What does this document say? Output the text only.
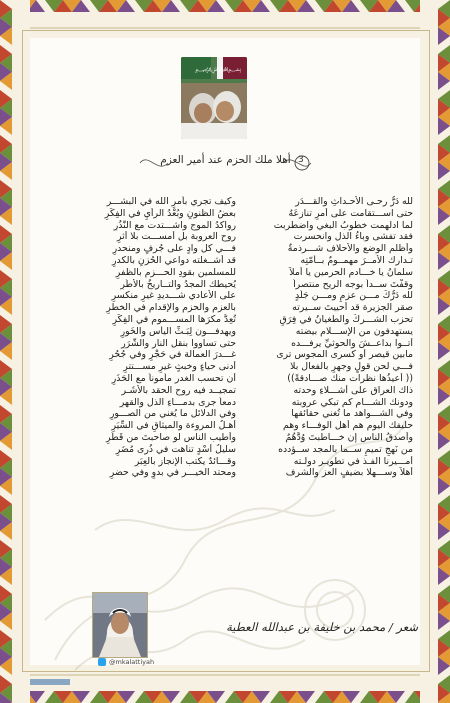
﷽
3
أهلا ملك الحزم عند أمير العزم
لله دَرُّ رحـى الأحـداثِ والقـــدَر
حتى اســـتقامت على أمرٍ تنازعَهُ
لما ادلهمت خطوبُ البغي واضطربت
فقد تفشى وباءُ الذل وانحسرت
وأظلم الوضع والأحلاف شـــرذمةٌ
تـدارك الأمــرَ مهمــومٌ بــأمّتِه
سلمانُ يا خـــادم الحرمين يا أملاً
وقفْتَ ســداً بوجه الريح منتصراً
لله دَرُّكَ مـــن عزمٍ ومـــن جَلَدٍ
صقر الجزيرة قد أحييتَ ســيرته
تحزب الشـــركُ والطغيانُ في فِرَقٍ
يستهدفون من الإســـلام بيضته
أتــوا بداعــشَ والحوثيِّ يرفـــده
مابين قيصر أو كسرى المجوس ترى
فـــي لحن قولٍ وجهرٍ بالفعال بلا
(( أعيذُها نظرات منك صـــادقةً))
ذاك العراق على أشـــلاءِ وحدته
ودونك الشـــام كم تبكي عروبته
وفي الشـــواهد ما تُغني حقائقها
حليفك اليوم هم أهل الوفـــاء وهم
وأصدقُ الناس إن خـــاطبتَ وُدَّهُمُ
من نَهجِ تميمٍ ســما بالمجد ســؤدده
أمـــيرنا الفـذ في تطويـر دولـته
أهلاً وســـهلا بضيفٍ العز والشرف
وكيف تجري بأمرِ الله في البشـــر
بعضُ الظنونِ وبُعْدُ الرأيِ في الفِكَرِ
رواكدُ الموجِ واشـــتدت مع النُّذُرِ
روح العروبة بل أمســـت بلا أثرِ
فـــي كل وادٍ على جُرفٍ ومنحدرِ
قد أشــغلته دواعي الحُزنِ بالكدرِ
للمسلمين بقودِ الحـــزم بالظفرِ
يُحيطك المجدُ والتــاريخُ بالأُطُرِ
على الأعادي شـــديدِ غيرِ منكسرِ
بالعزم والحزم والإقدام في الخطرِ
تُعِدُّ مكرَها المســـموم في الفِكَرِ
ويهدفـــون لِبَـثِّ اليأس والخَورِ
حتى تساووا بنقل النار والشَّرَرِ
غـــدرَ العمالة في حَجْرٍ وفي جُحُرِ
أدنى حياءٍ وخبثٍ غيرِ مســـتترِ
أن تحسب الغدر مأموناً مع الحَذَرِ
تمجيــد فيه روح الحقد بالأشَـر
دمعاً جرى بدمـــاءِ الذل والقهرِ
وفي الدلائل ما يُغني من الصـــورِ
أهـلُ المروءة والميثاقِ في السِّيَرِ
وأطيب الناس لو صاحبتَ من قَطَرِ
سليلُ أُسْدٍ تناهت في ذُرى مُضَرِ
وقـــائدٌ يكتب الإنجاز بالعِبَرِ
ومحتد الخيـــر في بدوٍ وفي حضرِ
@mkalattiyah
شعر / محمد بن خليفة بن عبدالله العطية
